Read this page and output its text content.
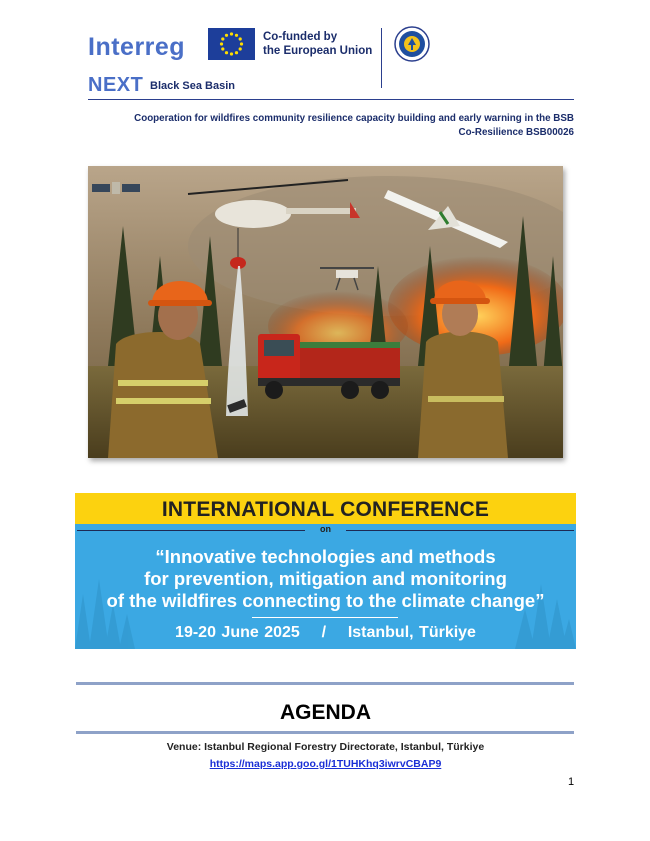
Interreg
NEXT Black Sea Basin
Co-funded by
the European Union
Cooperation for wildfires community resilience capacity building and early warning in the BSB
Co-Resilience BSB00026
INTERNATIONAL CONFERENCE
on
“Innovative technologies and methods
for prevention, mitigation and monitoring
of the wildfires connecting to the climate change”
19-20 June 2025 / Istanbul, Türkiye
AGENDA
Venue: Istanbul Regional Forestry Directorate, Istanbul, Türkiye
https://maps.app.goo.gl/1TUHKhq3iwrvCBAP9
1
